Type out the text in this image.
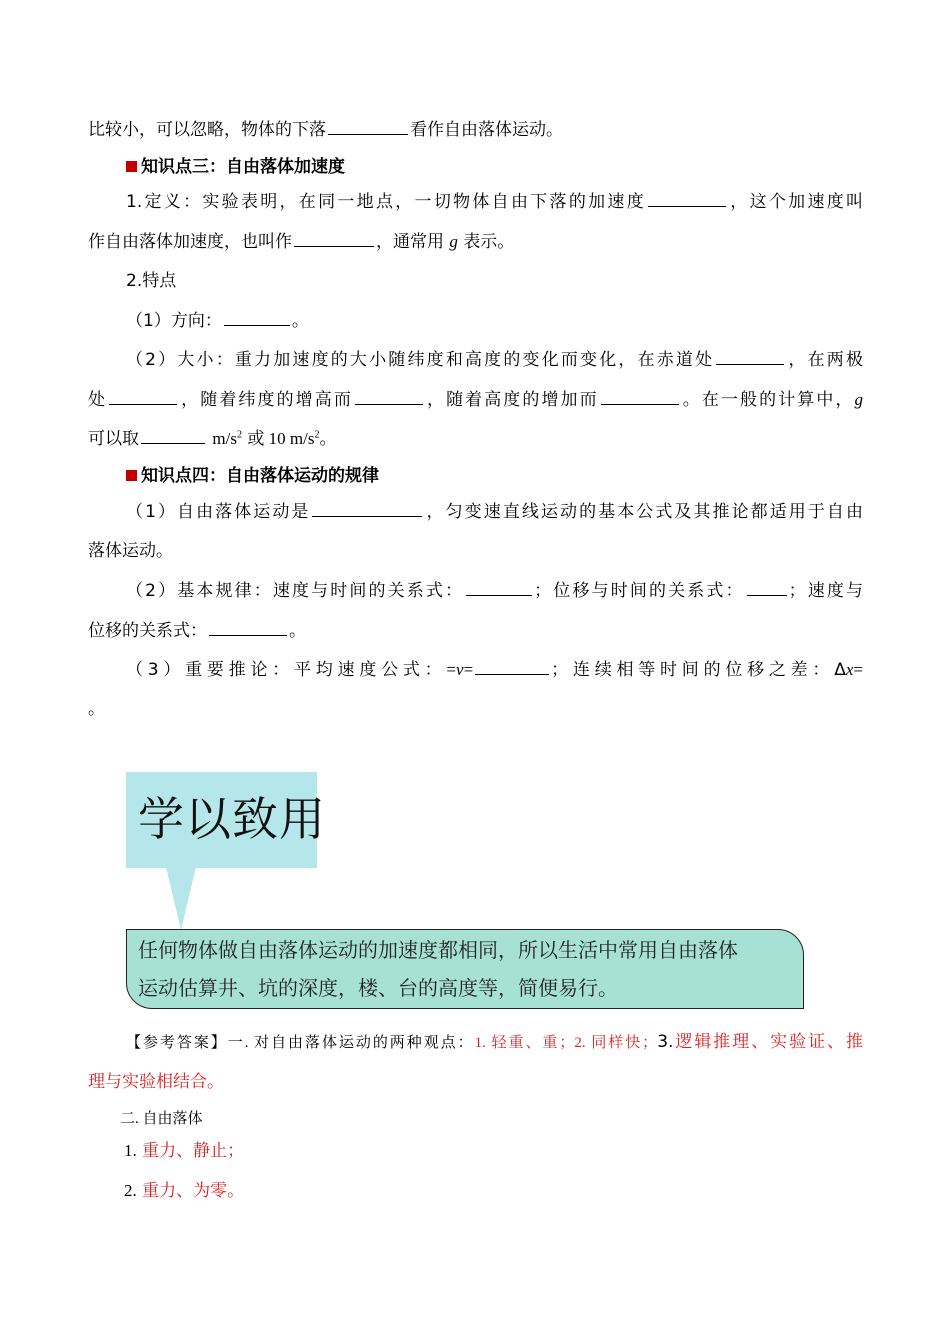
比较小，可以忽略，物体的下落	看作自由落体运动。
知识点三：自由落体加速度
1.定义：实验表明，在同一地点，一切物体自由下落的加速度	，这个加速度叫
作自由落体加速度，也叫作	，通常用 g 表示。
2.特点
（1）方向：	。
（2）大小：重力加速度的大小随纬度和高度的变化而变化，在赤道处	，在两极
处	，随着纬度的增高而	，随着高度的增加而	。在一般的计算中，g
可以取	$m/s^2$ 或 10 $m/s^2$。
知识点四：自由落体运动的规律
（1）自由落体运动是	，匀变速直线运动的基本公式及其推论都适用于自由
落体运动。
（2）基本规律：速度与时间的关系式：	；位移与时间的关系式：	；速度与
位移的关系式：	。
（3）重要推论：平均速度公式：=v=	；连续相等时间的位移之差：Δx=
。
学以致用
任何物体做自由落体运动的加速度都相同，所以生活中常用自由落体
运动估算井、坑的深度，楼、台的高度等，简便易行。
【参考答案】一. 对自由落体运动的两种观点：1. 轻重、重；2. 同样快；3.逻辑推理、实验证、推
理与实验相结合。
二. 自由落体
1. 重力、静止；
2. 重力、为零。
